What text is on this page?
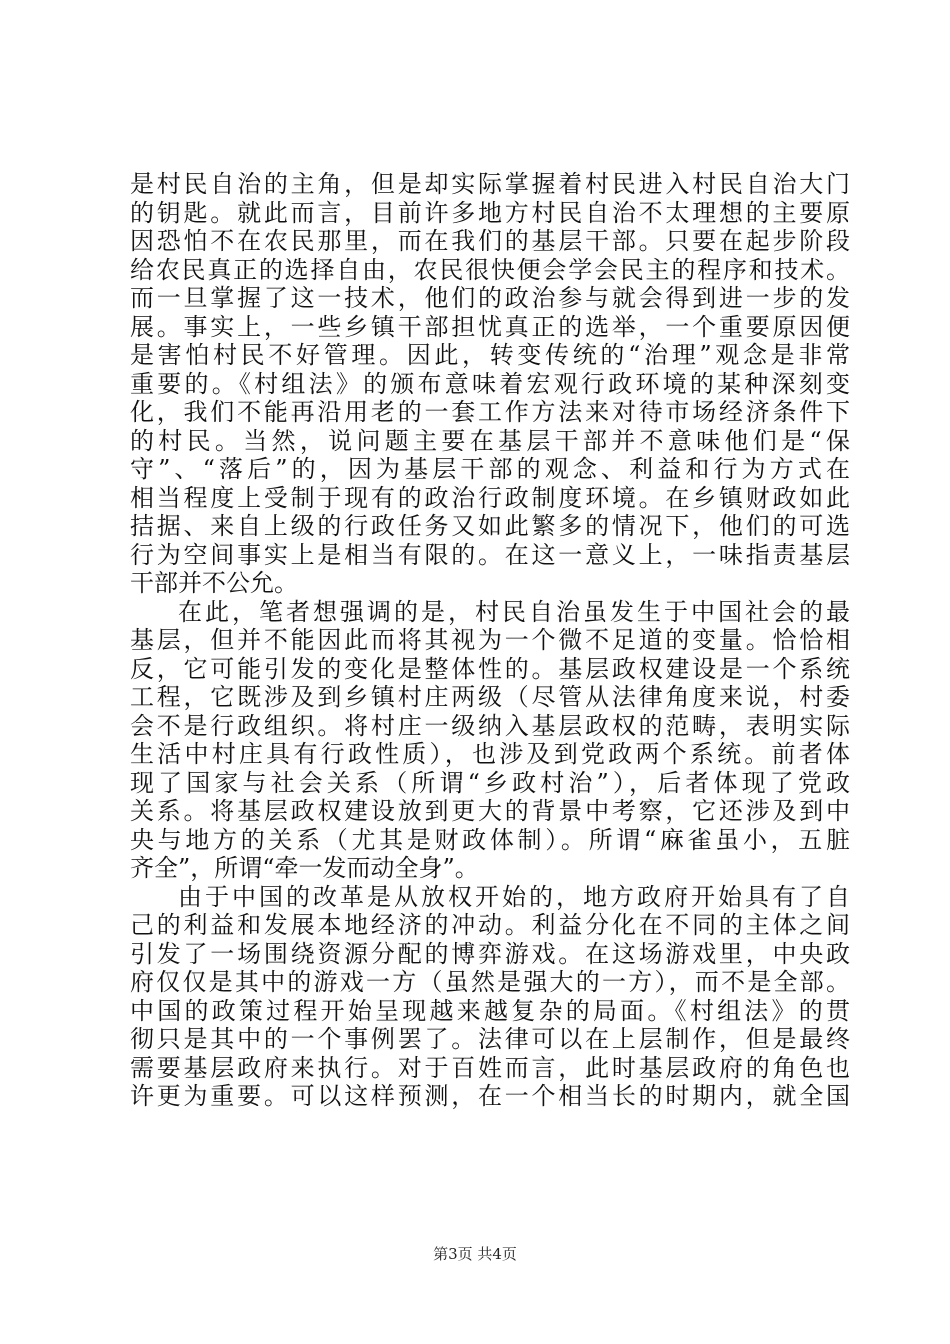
是村民自治的主角，但是却实际掌握着村民进入村民自治大门
的钥匙。就此而言，目前许多地方村民自治不太理想的主要原
因恐怕不在农民那里，而在我们的基层干部。只要在起步阶段
给农民真正的选择自由，农民很快便会学会民主的程序和技术。
而一旦掌握了这一技术，他们的政治参与就会得到进一步的发
展。事实上，一些乡镇干部担忧真正的选举，一个重要原因便
是害怕村民不好管理。因此，转变传统的“治理”观念是非常
重要的。《村组法》的颁布意味着宏观行政环境的某种深刻变
化，我们不能再沿用老的一套工作方法来对待市场经济条件下
的村民。当然，说问题主要在基层干部并不意味他们是“保
守”、“落后”的，因为基层干部的观念、利益和行为方式在
相当程度上受制于现有的政治行政制度环境。在乡镇财政如此
拮据、来自上级的行政任务又如此繁多的情况下，他们的可选
行为空间事实上是相当有限的。在这一意义上，一味指责基层
干部并不公允。
在此，笔者想强调的是，村民自治虽发生于中国社会的最
基层，但并不能因此而将其视为一个微不足道的变量。恰恰相
反，它可能引发的变化是整体性的。基层政权建设是一个系统
工程，它既涉及到乡镇村庄两级（尽管从法律角度来说，村委
会不是行政组织。将村庄一级纳入基层政权的范畴，表明实际
生活中村庄具有行政性质），也涉及到党政两个系统。前者体
现了国家与社会关系（所谓“乡政村治”），后者体现了党政
关系。将基层政权建设放到更大的背景中考察，它还涉及到中
央与地方的关系（尤其是财政体制）。所谓“麻雀虽小，五脏
齐全”，所谓“牵一发而动全身”。
由于中国的改革是从放权开始的，地方政府开始具有了自
己的利益和发展本地经济的冲动。利益分化在不同的主体之间
引发了一场围绕资源分配的博弈游戏。在这场游戏里，中央政
府仅仅是其中的游戏一方（虽然是强大的一方），而不是全部。
中国的政策过程开始呈现越来越复杂的局面。《村组法》的贯
彻只是其中的一个事例罢了。法律可以在上层制作，但是最终
需要基层政府来执行。对于百姓而言，此时基层政府的角色也
许更为重要。可以这样预测，在一个相当长的时期内，就全国
第3页 共4页
